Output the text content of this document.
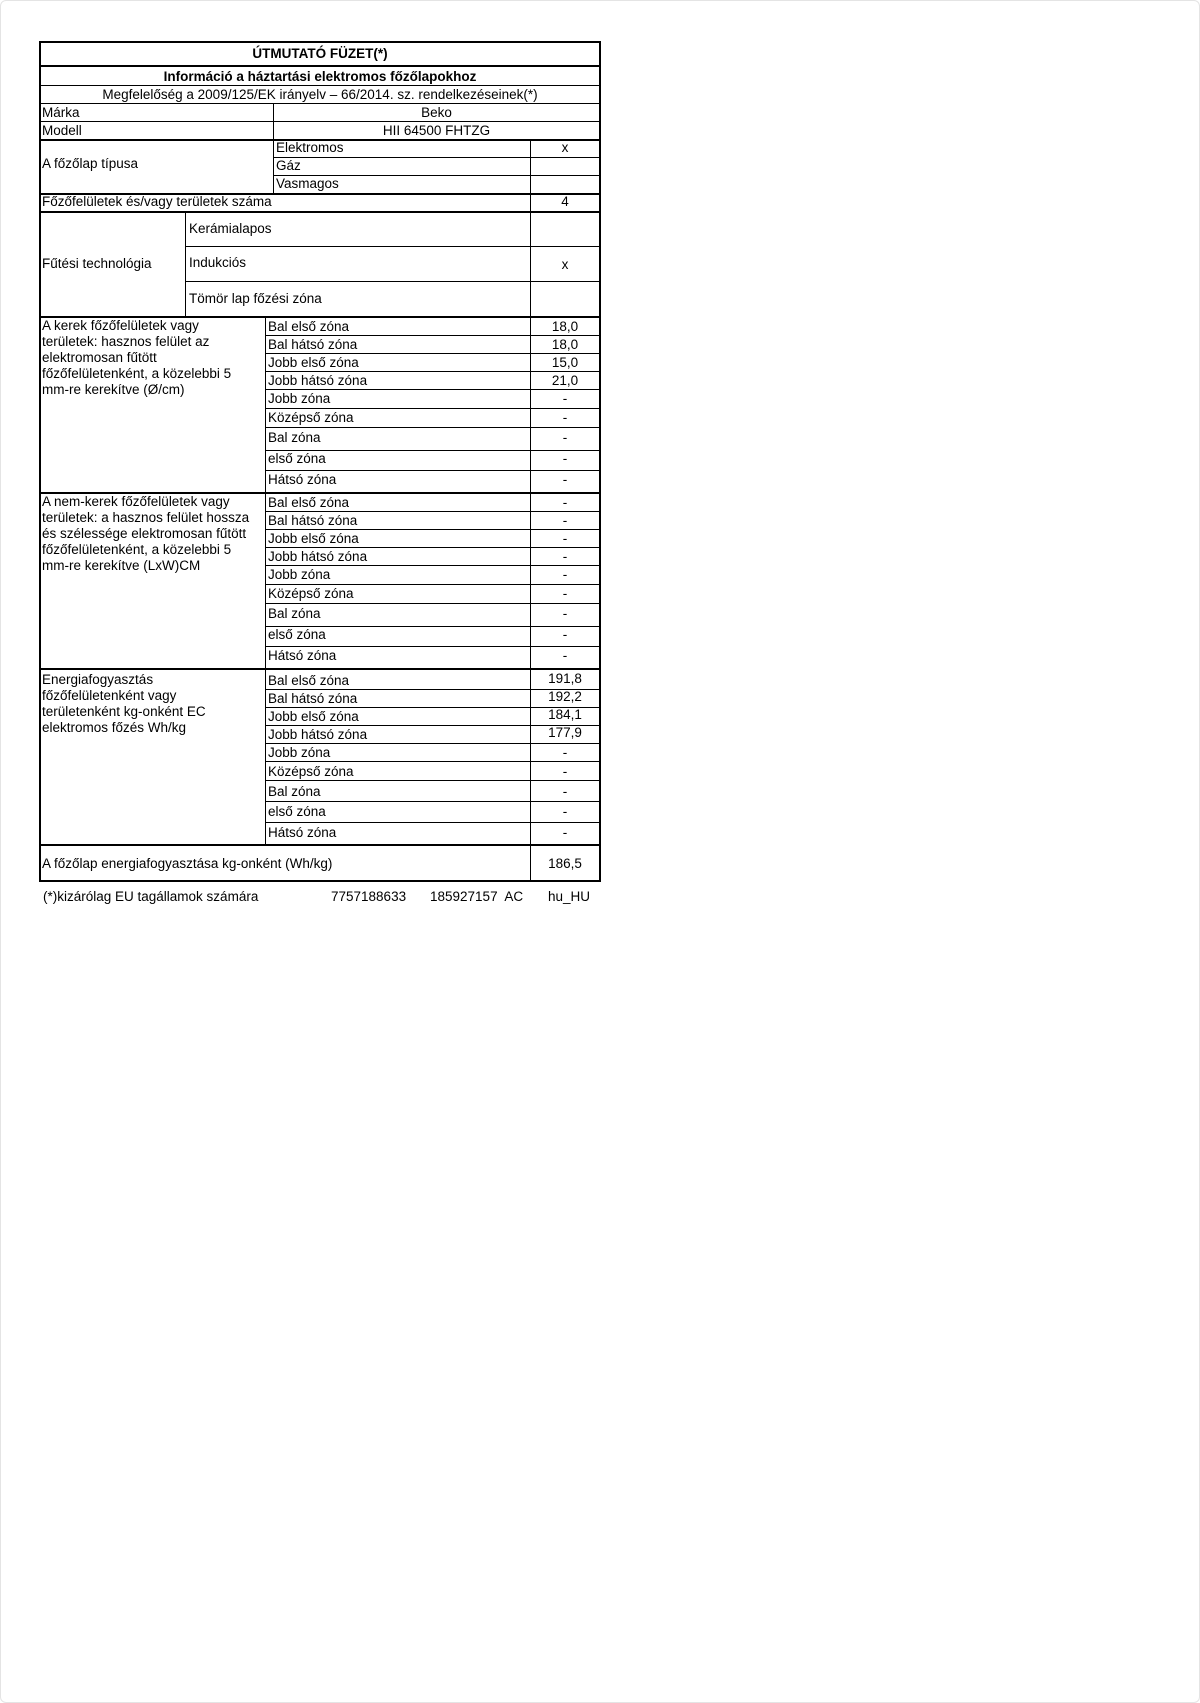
ÚTMUTATÓ FÜZET(*)
Információ a háztartási elektromos főzőlapokhoz
Megfelelőség a 2009/125/EK irányelv – 66/2014. sz. rendelkezéseinek(*)
Márka	Beko
Modell	HII 64500 FHTZG
A főzőlap típusa
Elektromos	x
Gáz
Vasmagos
Főzőfelületek és/vagy területek száma	4
Fűtési technológia
Kerámialapos
Indukciós	x
Tömör lap főzési zóna
A kerek főzőfelületek vagy területek: hasznos felület az elektromosan fűtött főzőfelületenként, a közelebbi 5 mm-re kerekítve (Ø/cm)
Bal első zóna	18,0
Bal hátsó zóna	18,0
Jobb első zóna	15,0
Jobb hátsó zóna	21,0
Jobb zóna	-
Középső zóna	-
Bal zóna	-
első zóna	-
Hátsó zóna	-
A nem-kerek főzőfelületek vagy területek: a hasznos felület hossza és szélessége elektromosan fűtött főzőfelületenként, a közelebbi 5 mm-re kerekítve (LxW)CM
Bal első zóna	-
Bal hátsó zóna	-
Jobb első zóna	-
Jobb hátsó zóna	-
Jobb zóna	-
Középső zóna	-
Bal zóna	-
első zóna	-
Hátsó zóna	-
Energiafogyasztás főzőfelületenként vagy területenként kg-onként EC elektromos főzés Wh/kg
Bal első zóna	191,8
Bal hátsó zóna	192,2
Jobb első zóna	184,1
Jobb hátsó zóna	177,9
Jobb zóna	-
Középső zóna	-
Bal zóna	-
első zóna	-
Hátsó zóna	-
A főzőlap energiafogyasztása kg-onként (Wh/kg)	186,5
(*)kizárólag EU tagállamok számára	7757188633 185927157  AC hu_HU
